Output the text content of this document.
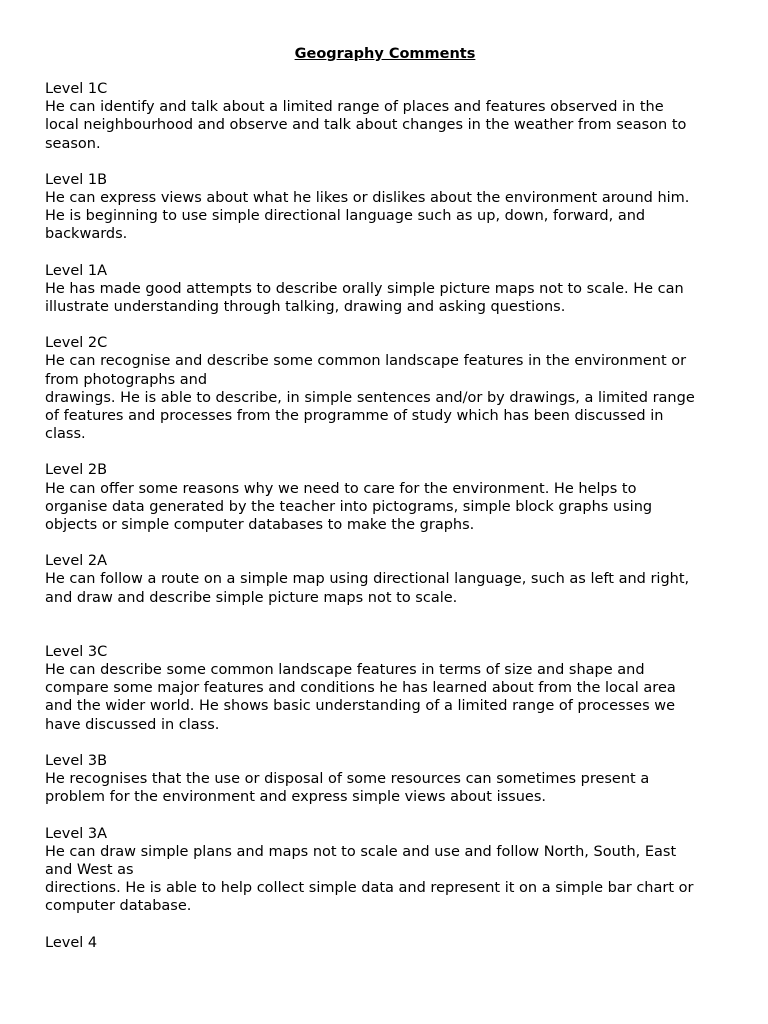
Geography Comments
Level 1C
He can identify and talk about a limited range of places and features observed in the
local neighbourhood and observe and talk about changes in the weather from season to
season.
Level 1B
He can express views about what he likes or dislikes about the environment around him.
He is beginning to use simple directional language such as up, down, forward, and
backwards.
Level 1A
He has made good attempts to describe orally simple picture maps not to scale. He can
illustrate understanding through talking, drawing and asking questions.
Level 2C
He can recognise and describe some common landscape features in the environment or
from photographs and
drawings. He is able to describe, in simple sentences and/or by drawings, a limited range
of features and processes from the programme of study which has been discussed in
class.
Level 2B
He can offer some reasons why we need to care for the environment. He helps to
organise data generated by the teacher into pictograms, simple block graphs using
objects or simple computer databases to make the graphs.
Level 2A
He can follow a route on a simple map using directional language, such as left and right,
and draw and describe simple picture maps not to scale.
Level 3C
He can describe some common landscape features in terms of size and shape and
compare some major features and conditions he has learned about from the local area
and the wider world. He shows basic understanding of a limited range of processes we
have discussed in class.
Level 3B
He recognises that the use or disposal of some resources can sometimes present a
problem for the environment and express simple views about issues.
Level 3A
He can draw simple plans and maps not to scale and use and follow North, South, East
and West as
directions. He is able to help collect simple data and represent it on a simple bar chart or
computer database.
Level 4
